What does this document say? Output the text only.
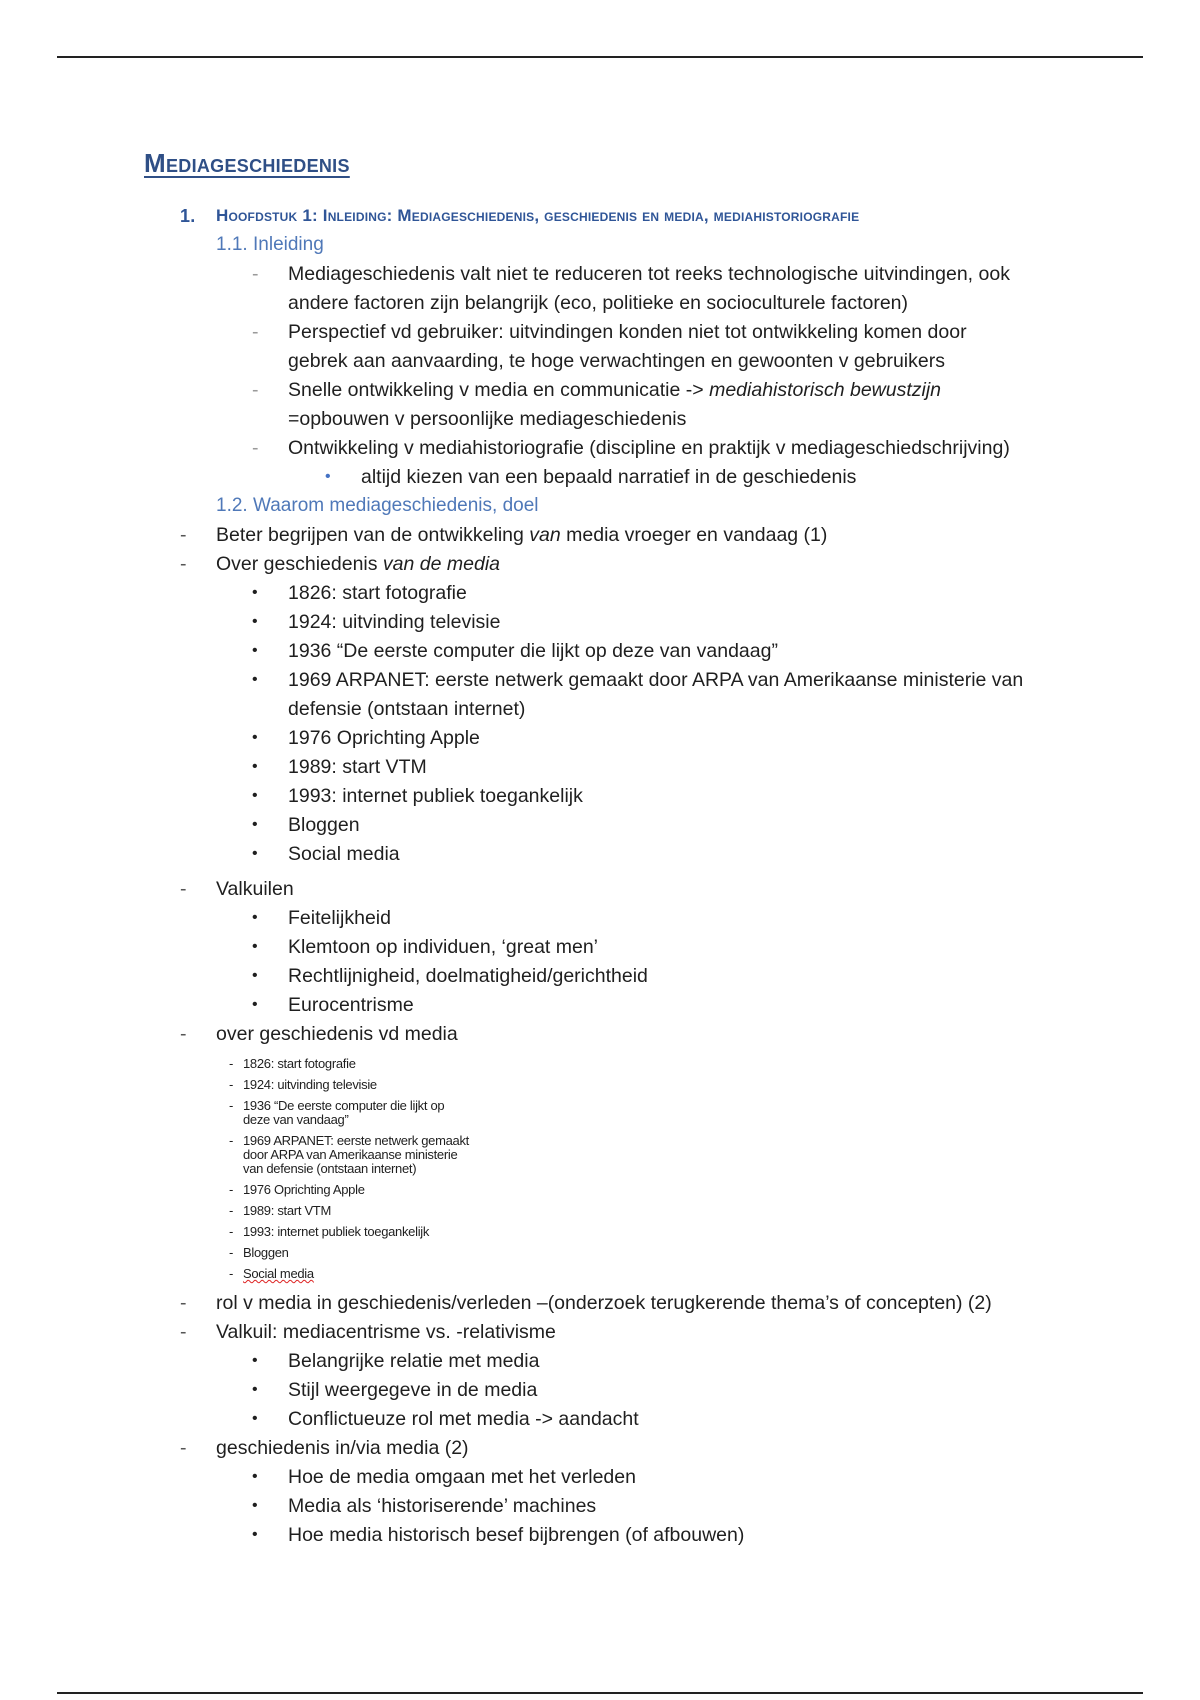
Mediageschiedenis
1. Hoofdstuk 1: Inleiding: Mediageschiedenis, geschiedenis en media, mediahistoriografie
1.1. Inleiding
- Mediageschiedenis valt niet te reduceren tot reeks technologische uitvindingen, ook
andere factoren zijn belangrijk (eco, politieke en socioculturele factoren)
- Perspectief vd gebruiker: uitvindingen konden niet tot ontwikkeling komen door
gebrek aan aanvaarding, te hoge verwachtingen en gewoonten v gebruikers
- Snelle ontwikkeling v media en communicatie -> mediahistorisch bewustzijn
=opbouwen v persoonlijke mediageschiedenis
- Ontwikkeling v mediahistoriografie (discipline en praktijk v mediageschiedschrijving)
• altijd kiezen van een bepaald narratief in de geschiedenis
1.2. Waarom mediageschiedenis, doel
- Beter begrijpen van de ontwikkeling van media vroeger en vandaag (1)
- Over geschiedenis van de media
• 1826: start fotografie
• 1924: uitvinding televisie
• 1936 “De eerste computer die lijkt op deze van vandaag”
• 1969 ARPANET: eerste netwerk gemaakt door ARPA van Amerikaanse ministerie van
defensie (ontstaan internet)
• 1976 Oprichting Apple
• 1989: start VTM
• 1993: internet publiek toegankelijk
• Bloggen
• Social media
- Valkuilen
• Feitelijkheid
• Klemtoon op individuen, ‘great men’
• Rechtlijnigheid, doelmatigheid/gerichtheid
• Eurocentrisme
- over geschiedenis vd media
- 1826: start fotografie
- 1924: uitvinding televisie
- 1936 “De eerste computer die lijkt op
deze van vandaag”
- 1969 ARPANET: eerste netwerk gemaakt
door ARPA van Amerikaanse ministerie
van defensie (ontstaan internet)
- 1976 Oprichting Apple
- 1989: start VTM
- 1993: internet publiek toegankelijk
- Bloggen
- Social media
- rol v media in geschiedenis/verleden –(onderzoek terugkerende thema’s of concepten) (2)
- Valkuil: mediacentrisme vs. -relativisme
• Belangrijke relatie met media
• Stijl weergegeve in de media
• Conflictueuze rol met media -> aandacht
- geschiedenis in/via media (2)
• Hoe de media omgaan met het verleden
• Media als ‘historiserende’ machines
• Hoe media historisch besef bijbrengen (of afbouwen)
